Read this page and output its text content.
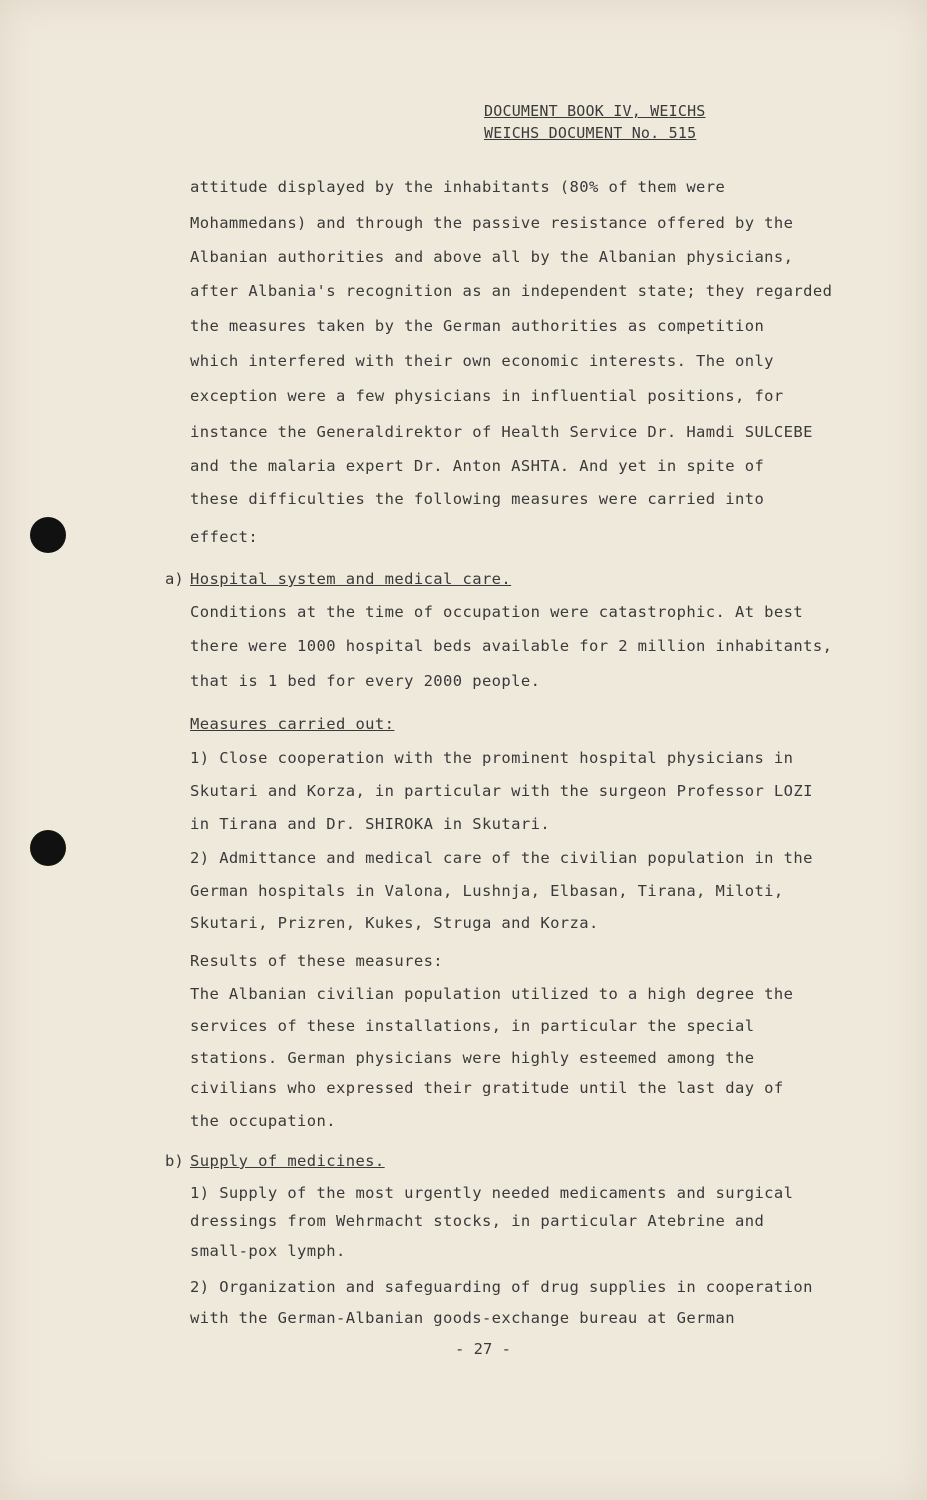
DOCUMENT BOOK IV, WEICHS
WEICHS DOCUMENT No. 515
attitude displayed by the inhabitants (80% of them were
Mohammedans) and through the passive resistance offered by the
Albanian authorities and above all by the Albanian physicians,
after Albania's recognition as an independent state; they regarded
the measures taken by the German authorities as competition
which interfered with their own economic interests. The only
exception were a few physicians in influential positions, for
instance the Generaldirektor of Health Service Dr. Hamdi SULCEBE
and the malaria expert Dr. Anton ASHTA. And yet in spite of
these difficulties the following measures were carried into
effect:
a) Hospital system and medical care.
Conditions at the time of occupation were catastrophic. At best
there were 1000 hospital beds available for 2 million inhabitants,
that is 1 bed for every 2000 people.
Measures carried out:
1) Close cooperation with the prominent hospital physicians in
Skutari and Korza, in particular with the surgeon Professor LOZI
in Tirana and Dr. SHIROKA in Skutari.
2) Admittance and medical care of the civilian population in the
German hospitals in Valona, Lushnja, Elbasan, Tirana, Miloti,
Skutari, Prizren, Kukes, Struga and Korza.
Results of these measures:
The Albanian civilian population utilized to a high degree the
services of these installations, in particular the special
stations. German physicians were highly esteemed among the
civilians who expressed their gratitude until the last day of
the occupation.
b) Supply of medicines.
1) Supply of the most urgently needed medicaments and surgical
dressings from Wehrmacht stocks, in particular Atebrine and
small-pox lymph.
2) Organization and safeguarding of drug supplies in cooperation
with the German-Albanian goods-exchange bureau at German
- 27 -
